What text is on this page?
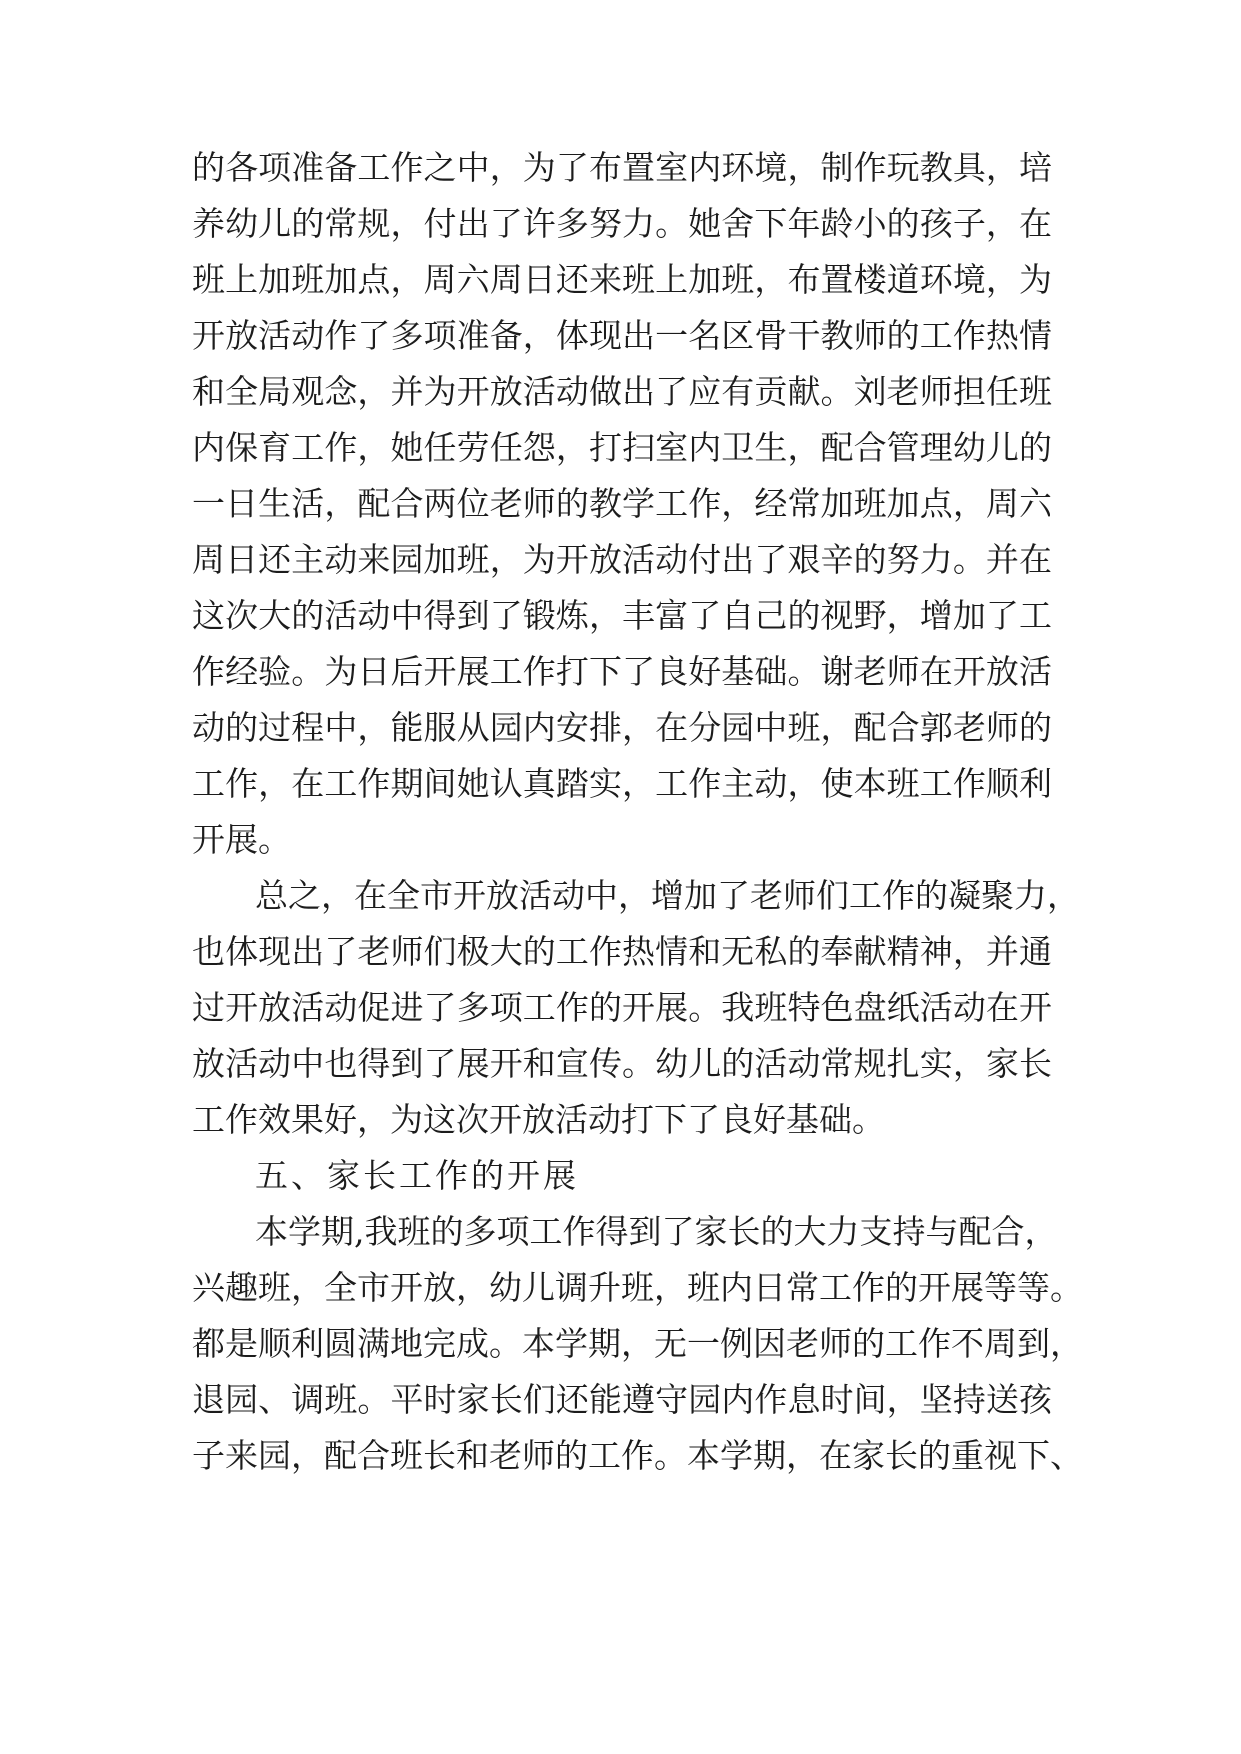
的各项准备工作之中，为了布置室内环境，制作玩教具，培
养幼儿的常规，付出了许多努力。她舍下年龄小的孩子，在
班上加班加点，周六周日还来班上加班，布置楼道环境，为
开放活动作了多项准备，体现出一名区骨干教师的工作热情
和全局观念，并为开放活动做出了应有贡献。刘老师担任班
内保育工作，她任劳任怨，打扫室内卫生，配合管理幼儿的
一日生活，配合两位老师的教学工作，经常加班加点，周六
周日还主动来园加班，为开放活动付出了艰辛的努力。并在
这次大的活动中得到了锻炼，丰富了自己的视野，增加了工
作经验。为日后开展工作打下了良好基础。谢老师在开放活
动的过程中，能服从园内安排，在分园中班，配合郭老师的
工作，在工作期间她认真踏实，工作主动，使本班工作顺利
开展。
总之，在全市开放活动中，增加了老师们工作的凝聚力，
也体现出了老师们极大的工作热情和无私的奉献精神，并通
过开放活动促进了多项工作的开展。我班特色盘纸活动在开
放活动中也得到了展开和宣传。幼儿的活动常规扎实，家长
工作效果好，为这次开放活动打下了良好基础。
五、家长工作的开展
本学期,我班的多项工作得到了家长的大力支持与配合，
兴趣班，全市开放，幼儿调升班，班内日常工作的开展等等。
都是顺利圆满地完成。本学期，无一例因老师的工作不周到，
退园、调班。平时家长们还能遵守园内作息时间，坚持送孩
子来园，配合班长和老师的工作。本学期，在家长的重视下、
